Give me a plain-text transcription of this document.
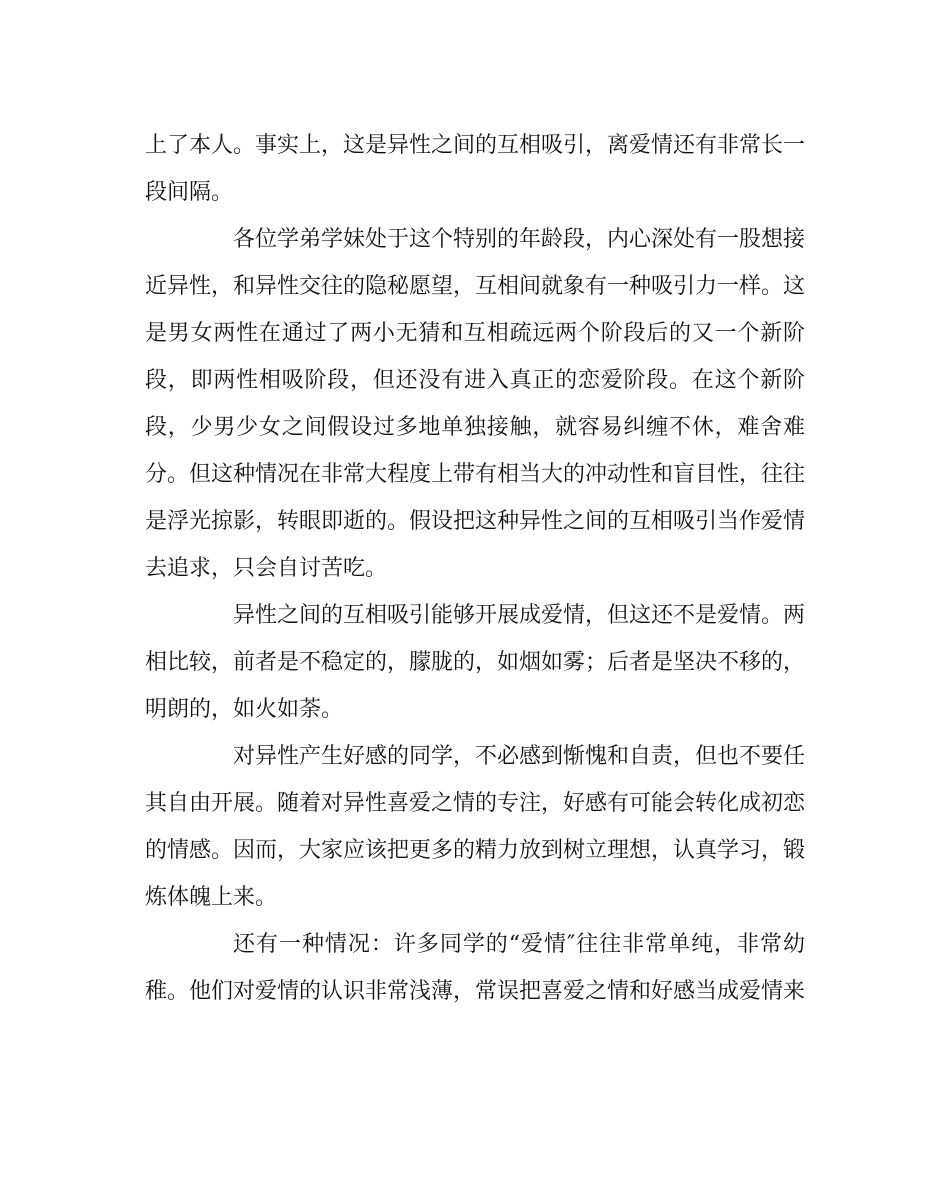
上了本人。事实上，这是异性之间的互相吸引，离爱情还有非常长一段间隔。

各位学弟学妹处于这个特别的年龄段，内心深处有一股想接近异性，和异性交往的隐秘愿望，互相间就象有一种吸引力一样。这是男女两性在通过了两小无猜和互相疏远两个阶段后的又一个新阶段，即两性相吸阶段，但还没有进入真正的恋爱阶段。在这个新阶段，少男少女之间假设过多地单独接触，就容易纠缠不休，难舍难分。但这种情况在非常大程度上带有相当大的冲动性和盲目性，往往是浮光掠影，转眼即逝的。假设把这种异性之间的互相吸引当作爱情去追求，只会自讨苦吃。

异性之间的互相吸引能够开展成爱情，但这还不是爱情。两相比较，前者是不稳定的，朦胧的，如烟如雾；后者是坚决不移的，明朗的，如火如荼。

对异性产生好感的同学，不必感到惭愧和自责，但也不要任其自由开展。随着对异性喜爱之情的专注，好感有可能会转化成初恋的情感。因而，大家应该把更多的精力放到树立理想，认真学习，锻炼体魄上来。

还有一种情况：许多同学的“爱情″往往非常单纯，非常幼稚。他们对爱情的认识非常浅薄，常误把喜爱之情和好感当成爱情来
